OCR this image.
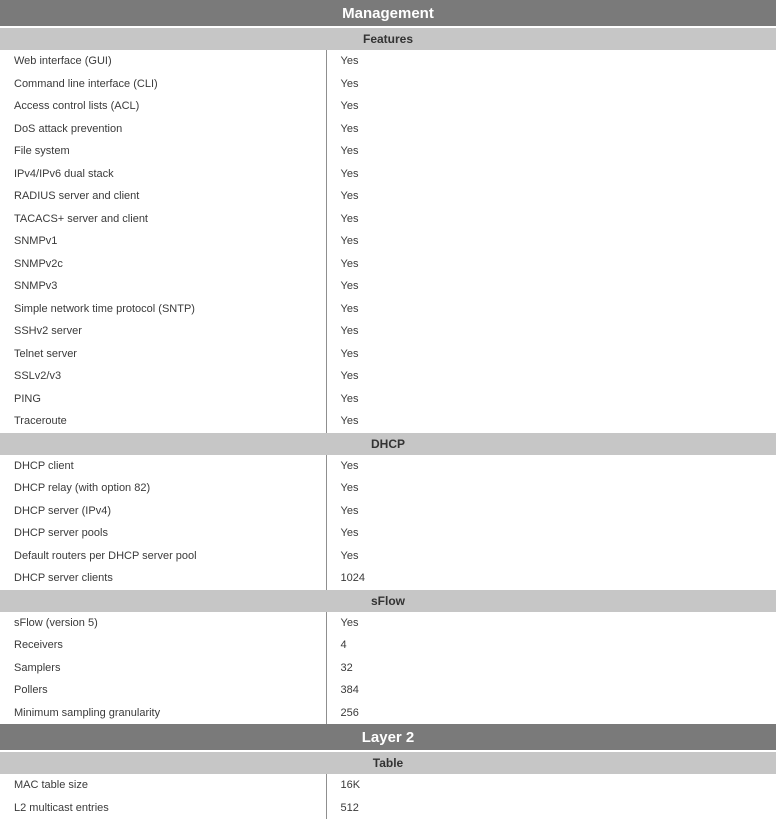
Management	
Features	
Web interface (GUI)	Yes
Command line interface (CLI)	Yes
Access control lists (ACL)	Yes
DoS attack prevention	Yes
File system	Yes
IPv4/IPv6 dual stack	Yes
RADIUS server and client	Yes
TACACS+ server and client	Yes
SNMPv1	Yes
SNMPv2c	Yes
SNMPv3	Yes
Simple network time protocol (SNTP)	Yes
SSHv2 server	Yes
Telnet server	Yes
SSLv2/v3	Yes
PING	Yes
Traceroute	Yes
DHCP	
DHCP client	Yes
DHCP relay (with option 82)	Yes
DHCP server (IPv4)	Yes
DHCP server pools	Yes
Default routers per DHCP server pool	Yes
DHCP server clients	1024
sFlow	
sFlow (version 5)	Yes
Receivers	4
Samplers	32
Pollers	384
Minimum sampling granularity	256
Layer 2	
Table	
MAC table size	16K
L2 multicast entries	512
